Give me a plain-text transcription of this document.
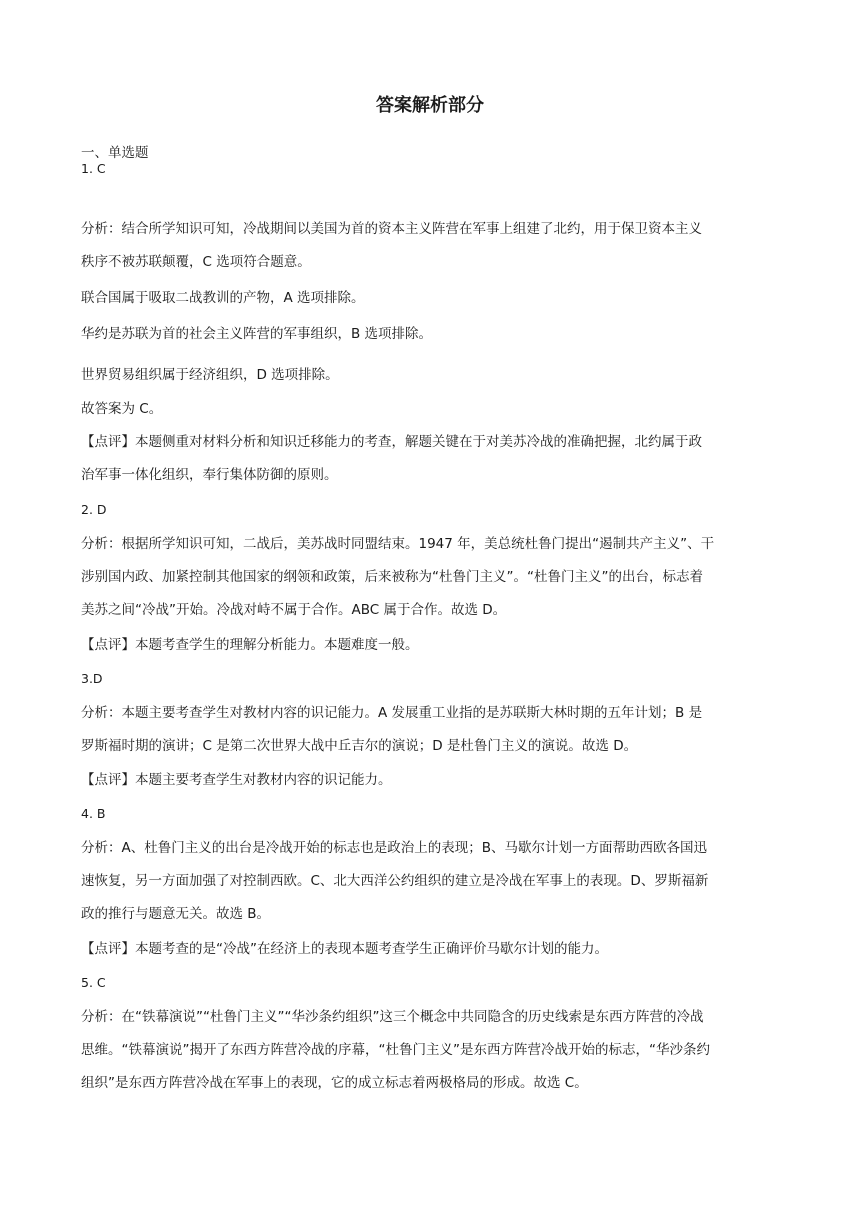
答案解析部分
一、单选题
1. C
分析：结合所学知识可知，冷战期间以美国为首的资本主义阵营在军事上组建了北约，用于保卫资本主义
秩序不被苏联颠覆，C 选项符合题意。
联合国属于吸取二战教训的产物，A 选项排除。
华约是苏联为首的社会主义阵营的军事组织，B 选项排除。
世界贸易组织属于经济组织，D 选项排除。
故答案为 C。
【点评】本题侧重对材料分析和知识迁移能力的考查，解题关键在于对美苏冷战的准确把握，北约属于政
治军事一体化组织，奉行集体防御的原则。
2. D
分析：根据所学知识可知，二战后，美苏战时同盟结束。1947 年，美总统杜鲁门提出“遏制共产主义”、干
涉别国内政、加紧控制其他国家的纲领和政策，后来被称为“杜鲁门主义”。“杜鲁门主义”的出台，标志着
美苏之间“冷战”开始。冷战对峙不属于合作。ABC 属于合作。故选 D。
【点评】本题考查学生的理解分析能力。本题难度一般。
3.D
分析：本题主要考查学生对教材内容的识记能力。A 发展重工业指的是苏联斯大林时期的五年计划；B 是
罗斯福时期的演讲；C 是第二次世界大战中丘吉尔的演说；D 是杜鲁门主义的演说。故选 D。
【点评】本题主要考查学生对教材内容的识记能力。
4. B
分析：A、杜鲁门主义的出台是冷战开始的标志也是政治上的表现；B、马歇尔计划一方面帮助西欧各国迅
速恢复，另一方面加强了对控制西欧。C、北大西洋公约组织的建立是冷战在军事上的表现。D、罗斯福新
政的推行与题意无关。故选 B。
【点评】本题考查的是“冷战”在经济上的表现本题考查学生正确评价马歇尔计划的能力。
5. C
分析：在“铁幕演说”“杜鲁门主义”“华沙条约组织”这三个概念中共同隐含的历史线索是东西方阵营的冷战
思维。“铁幕演说”揭开了东西方阵营冷战的序幕，“杜鲁门主义”是东西方阵营冷战开始的标志，“华沙条约
组织”是东西方阵营冷战在军事上的表现，它的成立标志着两极格局的形成。故选 C。
